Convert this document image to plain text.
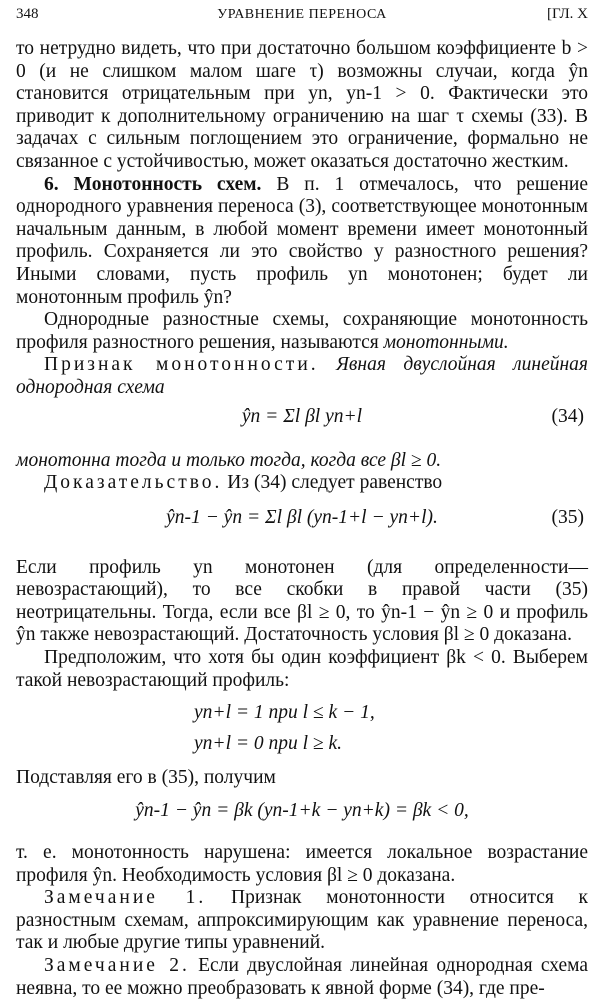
348	УРАВНЕНИЕ ПЕРЕНОСА	[ГЛ. X

то нетрудно видеть, что при достаточно большом коэффициенте b > 0 (и не слишком малом шаге τ) возможны случаи, когда ŷn становится отрицательным при yn, yn-1 > 0. Фактически это приводит к дополнительному ограничению на шаг τ схемы (33). В задачах с сильным поглощением это ограничение, формально не связанное с устойчивостью, может оказаться достаточно жестким.

6. Монотонность схем. В п. 1 отмечалось, что решение однородного уравнения переноса (3), соответствующее монотонным начальным данным, в любой момент времени имеет монотонный профиль. Сохраняется ли это свойство у разностного решения? Иными словами, пусть профиль yn монотонен; будет ли монотонным профиль ŷn?

Однородные разностные схемы, сохраняющие монотонность профиля разностного решения, называются монотонными.

Признак монотонности. Явная двуслойная линейная однородная схема

ŷn = Σl βl yn+l	(34)

монотонна тогда и только тогда, когда все βl ≥ 0.

Доказательство. Из (34) следует равенство

ŷn-1 − ŷn = Σl βl (yn-1+l − yn+l).	(35)

Если профиль yn монотонен (для определенности—невозрастающий), то все скобки в правой части (35) неотрицательны. Тогда, если все βl ≥ 0, то ŷn-1 − ŷn ≥ 0 и профиль ŷn также невозрастающий. Достаточность условия βl ≥ 0 доказана.

Предположим, что хотя бы один коэффициент βk < 0. Выберем такой невозрастающий профиль:

yn+l = 1 при l ≤ k − 1,
yn+l = 0 при l ≥ k.

Подставляя его в (35), получим

ŷn-1 − ŷn = βk (yn-1+k − yn+k) = βk < 0,

т. е. монотонность нарушена: имеется локальное возрастание профиля ŷn. Необходимость условия βl ≥ 0 доказана.

Замечание 1. Признак монотонности относится к разностным схемам, аппроксимирующим как уравнение переноса, так и любые другие типы уравнений.

Замечание 2. Если двуслойная линейная однородная схема неявна, то ее можно преобразовать к явной форме (34), где пре-
